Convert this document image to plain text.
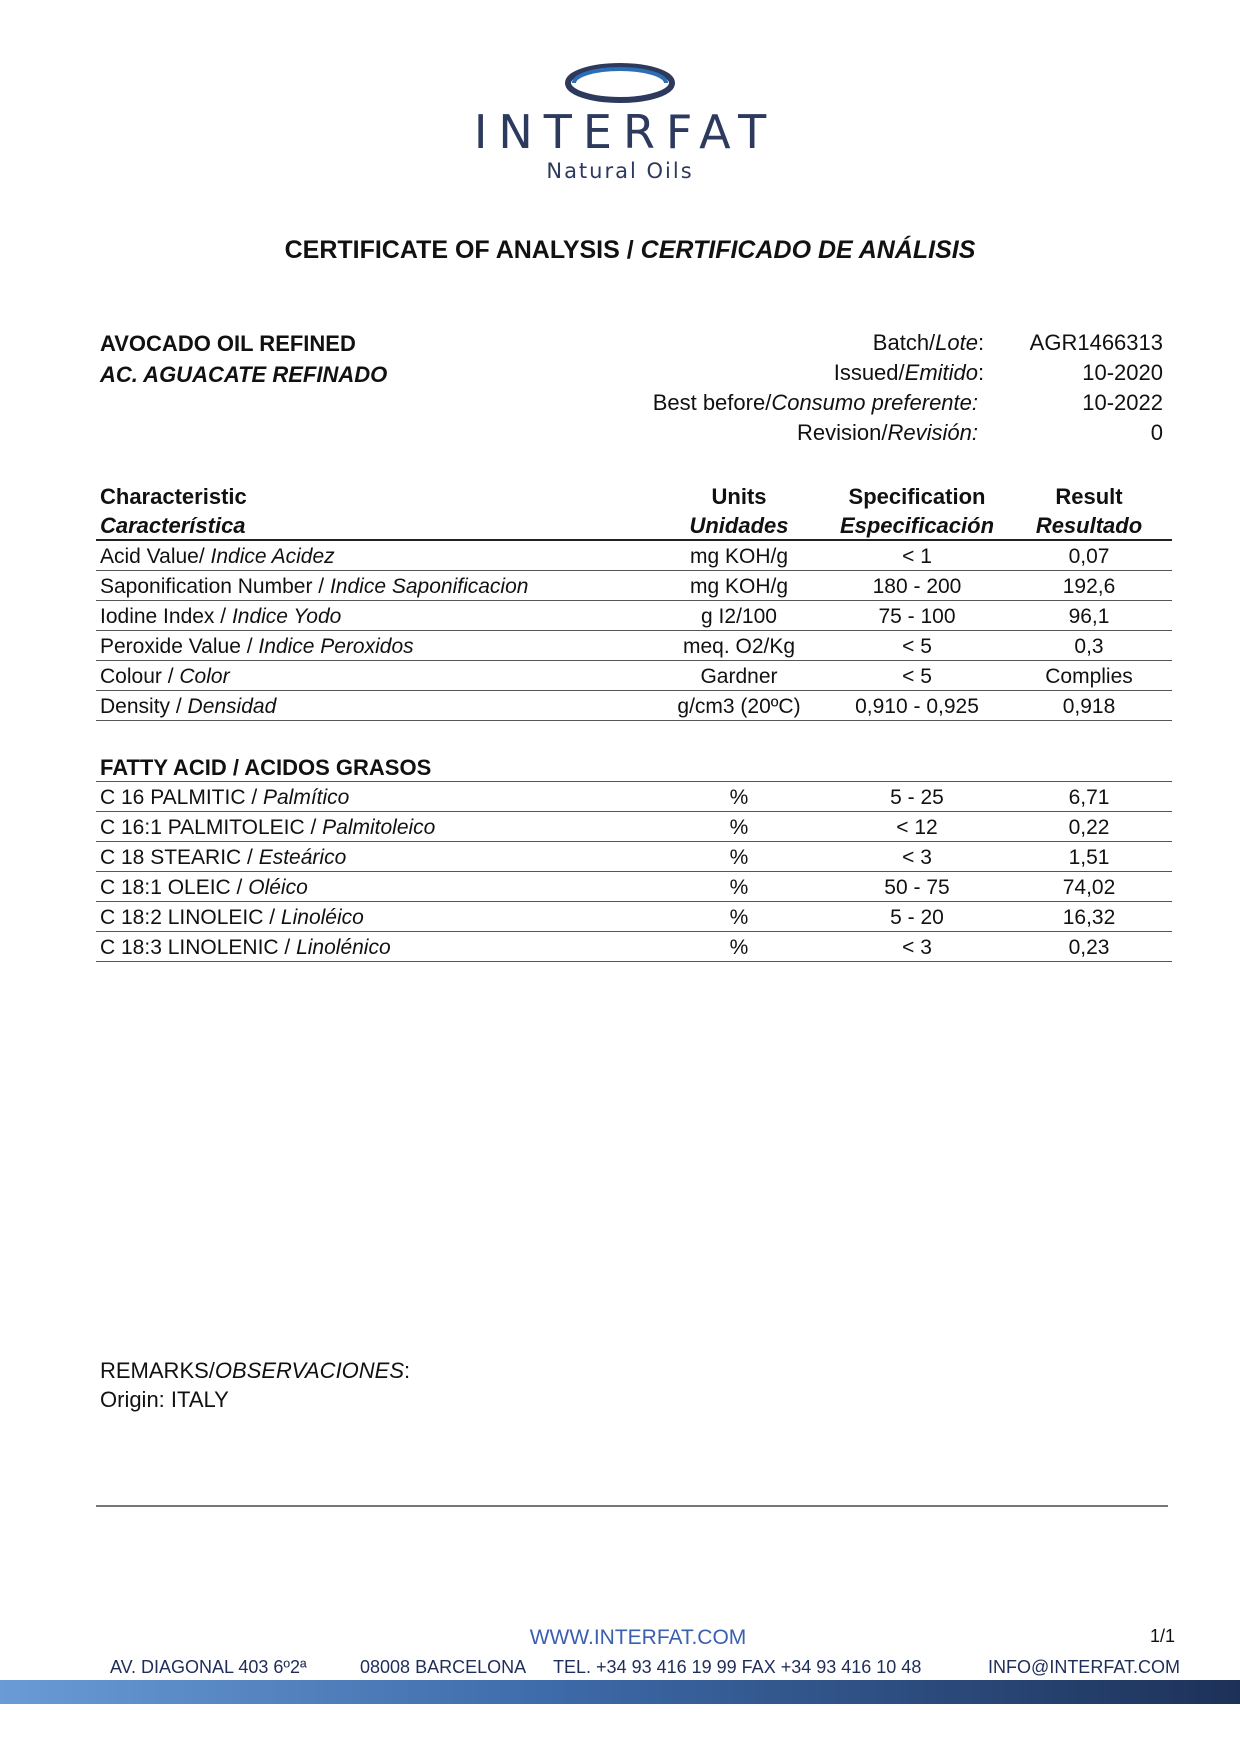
INTERFAT
Natural Oils
CERTIFICATE OF ANALYSIS / CERTIFICADO DE ANÁLISIS
AVOCADO OIL REFINED
AC. AGUACATE REFINADO
Batch/Lote :	AGR1466313
Issued/Emitido :	10-2020
Best before/Consumo preferente:	10-2022
Revision/Revisión:	0
Characteristic	Units	Specification	Result
Característica	Unidades	Especificación	Resultado
Acid Value/ Indice Acidez	mg KOH/g	< 1	0,07
Saponification Number / Indice Saponificacion	mg KOH/g	180 - 200	192,6
Iodine Index / Indice Yodo	g I2/100	75 - 100	96,1
Peroxide Value / Indice Peroxidos	meq. O2/Kg	< 5	0,3
Colour / Color	Gardner	< 5	Complies
Density / Densidad	g/cm3 (20ºC)	0,910 - 0,925	0,918
FATTY ACID / ACIDOS GRASOS			
C 16 PALMITIC / Palmítico	%	5 - 25	6,71
C 16:1 PALMITOLEIC / Palmitoleico	%	< 12	0,22
C 18 STEARIC / Esteárico	%	< 3	1,51
C 18:1 OLEIC / Oléico	%	50 - 75	74,02
C 18:2 LINOLEIC / Linoléico	%	5 - 20	16,32
C 18:3 LINOLENIC / Linolénico	%	< 3	0,23
REMARKS/OBSERVACIONES:
Origin: ITALY
WWW.INTERFAT.COM	1/1
AV. DIAGONAL 403 6º2ª	08008 BARCELONA TEL. +34 93 416 19 99 FAX +34 93 416 10 48	INFO@INTERFAT.COM
